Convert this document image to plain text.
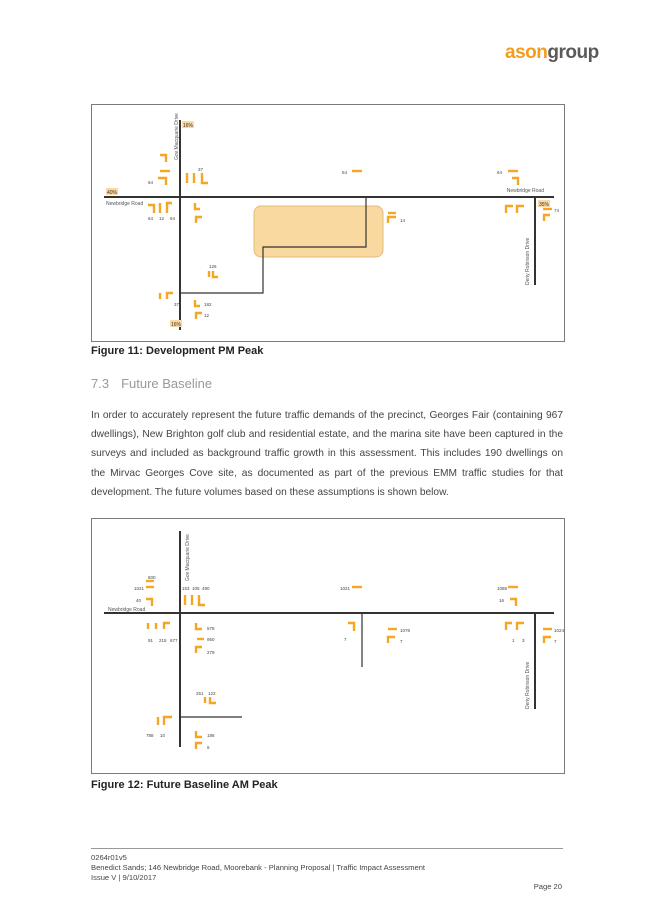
asongroup
Gov Macquarie Drive
Newbridge Road
Newbridge Road
Deny Robinson Drive
16%
40%
35%
16%
64
37
64 12 64
64
14
64
74
126
37	182
12
Figure 11: Development PM Peak
7.3 Future Baseline
In order to accurately represent the future traffic demands of the precinct, Georges Fair (containing 967 dwellings), New Brighton golf club and residential estate, and the marina site have been captured in the surveys and included as background traffic growth in this assessment. This includes 190 dwellings on the Mirvac Georges Cove site, as documented as part of the previous EMM traffic studies for that development. The future volumes based on these assumptions is shown below.
Gov Macquarie Drive
Newbridge Road
Deny Robinson Drive
600
1021
40
153 105 490
91 215 677
578
950
279
1021
7
1076
7
1088
16
1 3
1024
7
251 122
788 10	186
6
Figure 12: Future Baseline AM Peak
0264r01v5
Benedict Sands; 146 Newbridge Road, Moorebank - Planning Proposal | Traffic Impact Assessment
Issue V | 9/10/2017
Page 20
